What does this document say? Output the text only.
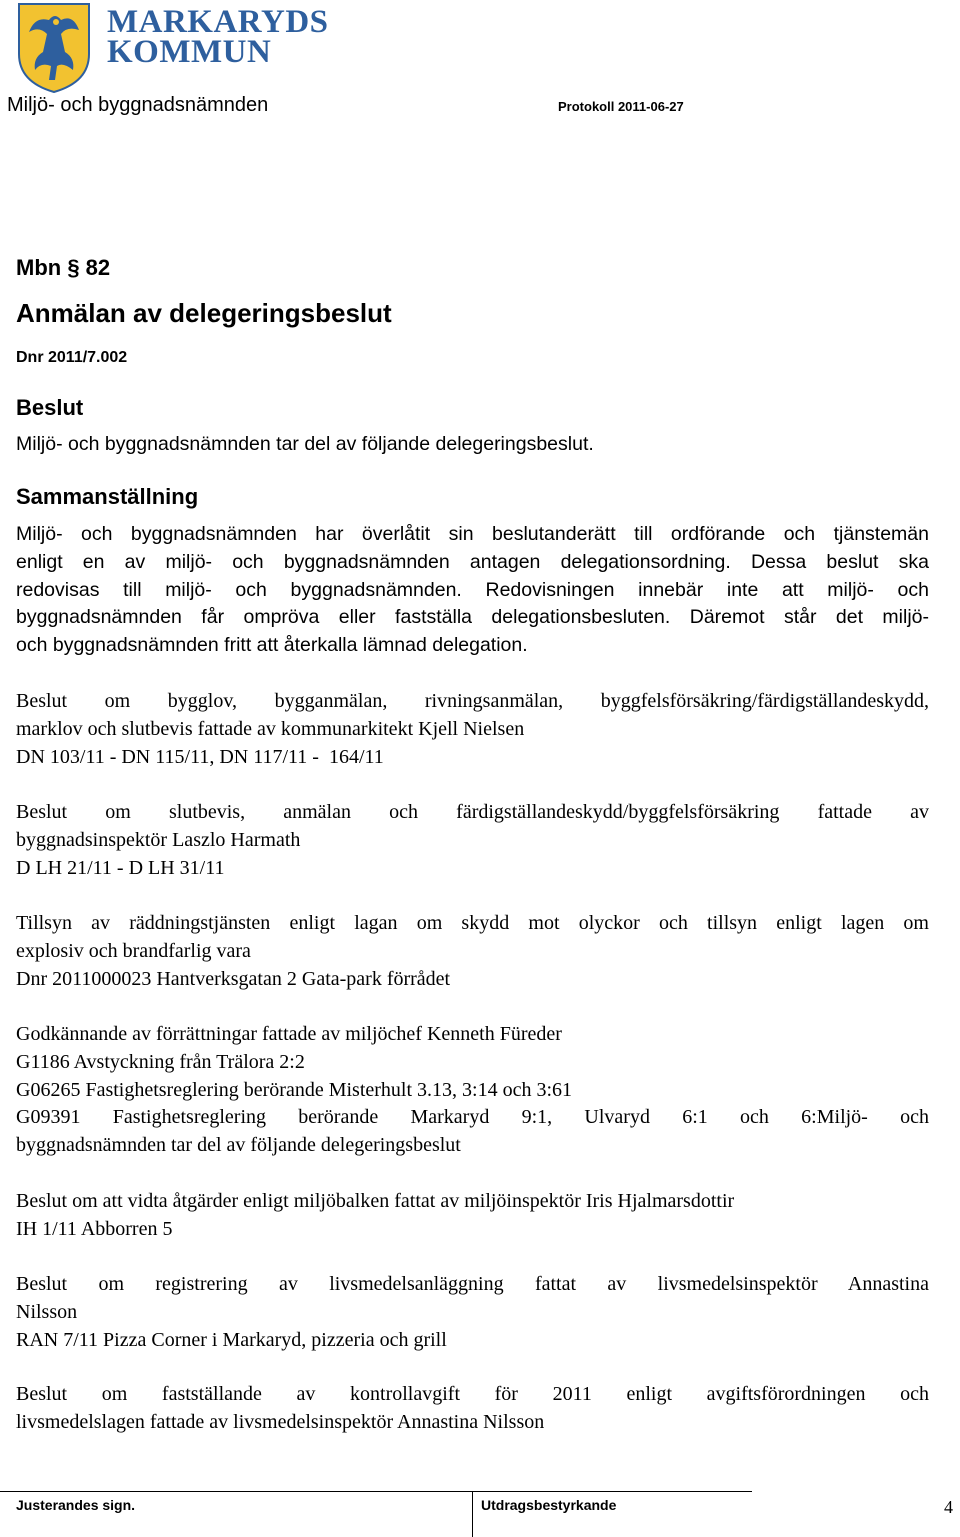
MARKARYDS
KOMMUN
Miljö- och byggnadsnämnden	Protokoll 2011-06-27
Mbn § 82
Anmälan av delegeringsbeslut
Dnr 2011/7.002
Beslut
Miljö- och byggnadsnämnden tar del av följande delegeringsbeslut.
Sammanställning
Miljö- och byggnadsnämnden har överlåtit sin beslutanderätt till ordförande och tjänstemän
enligt en av miljö- och byggnadsnämnden antagen delegationsordning. Dessa beslut ska
redovisas till miljö- och byggnadsnämnden. Redovisningen innebär inte att miljö- och
byggnadsnämnden får ompröva eller fastställa delegationsbesluten. Däremot står det miljö-
och byggnadsnämnden fritt att återkalla lämnad delegation.
Beslut om bygglov, bygganmälan, rivningsanmälan, byggfelsförsäkring/färdigställandeskydd,
marklov och slutbevis fattade av kommunarkitekt Kjell Nielsen
DN 103/11 - DN 115/11, DN 117/11 -  164/11
Beslut om slutbevis, anmälan och färdigställandeskydd/byggfelsförsäkring fattade av
byggnadsinspektör Laszlo Harmath
D LH 21/11 - D LH 31/11
Tillsyn av räddningstjänsten enligt lagan om skydd mot olyckor och tillsyn enligt lagen om
explosiv och brandfarlig vara
Dnr 2011000023 Hantverksgatan 2 Gata-park förrådet
Godkännande av förrättningar fattade av miljöchef Kenneth Füreder
G1186 Avstyckning från Trälora 2:2
G06265 Fastighetsreglering berörande Misterhult 3.13, 3:14 och 3:61
G09391 Fastighetsreglering berörande Markaryd 9:1, Ulvaryd 6:1 och 6:Miljö- och
byggnadsnämnden tar del av följande delegeringsbeslut
Beslut om att vidta åtgärder enligt miljöbalken fattat av miljöinspektör Iris Hjalmarsdottir
IH 1/11 Abborren 5
Beslut om registrering av livsmedelsanläggning fattat av livsmedelsinspektör Annastina
Nilsson
RAN 7/11 Pizza Corner i Markaryd, pizzeria och grill
Beslut om fastställande av kontrollavgift för 2011 enligt avgiftsförordningen och
livsmedelslagen fattade av livsmedelsinspektör Annastina Nilsson
Justerandes sign.	Utdragsbestyrkande	4
